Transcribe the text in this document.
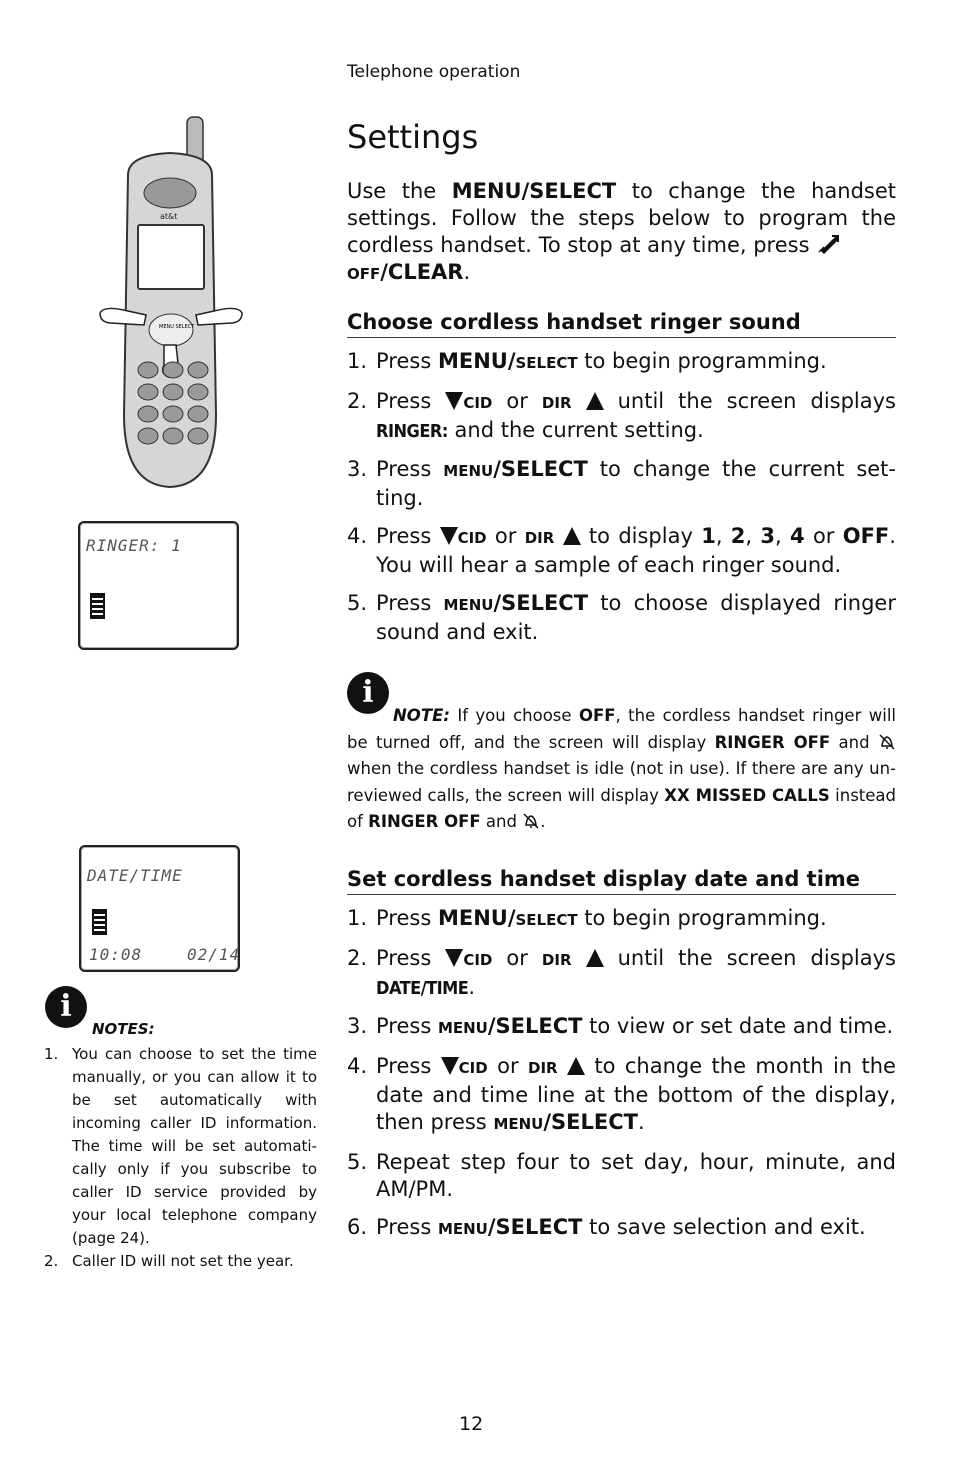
Telephone operation
Settings
Use the MENU/SELECT to change the handset settings. Follow the steps below to program the cordless handset. To stop at any time, press
OFF/CLEAR.
Choose cordless handset ringer sound
1. Press MENU/SELECT to begin programming.
2. Press CID or DIR  until the screen displays RINGER: and the current setting.
3. Press MENU/SELECT to change the current set-ting.
4. Press CID or DIR  to display 1, 2, 3, 4 or OFF. You will hear a sample of each ringer sound.
5. Press MENU/SELECT to choose displayed ringer sound and exit.
i
NOTE: If you choose OFF, the cordless handset ringer will be turned off, and the screen will display RINGER OFF and  when the cordless handset is idle (not in use). If there are any un-reviewed calls, the screen will display XX MISSED CALLS instead of RINGER OFF and .
Set cordless handset display date and time
1. Press MENU/SELECT to begin programming.
2. Press CID or DIR  until the screen displays DATE/TIME.
3. Press MENU/SELECT to view or set date and time.
4. Press CID or DIR  to change the month in the date and time line at the bottom of the display, then press MENU/SELECT.
5. Repeat step four to set day, hour, minute, and AM/PM.
6. Press MENU/SELECT to save selection and exit.
at&t
MENU SELECT
RINGER: 1
DATE/TIME
10:08	02/14
i
NOTES:
1. You can choose to set the time manually, or you can allow it to be set automatically with incoming caller ID information. The time will be set automati-cally only if you subscribe to caller ID service provided by your local telephone company (page 24).
2. Caller ID will not set the year.
12
